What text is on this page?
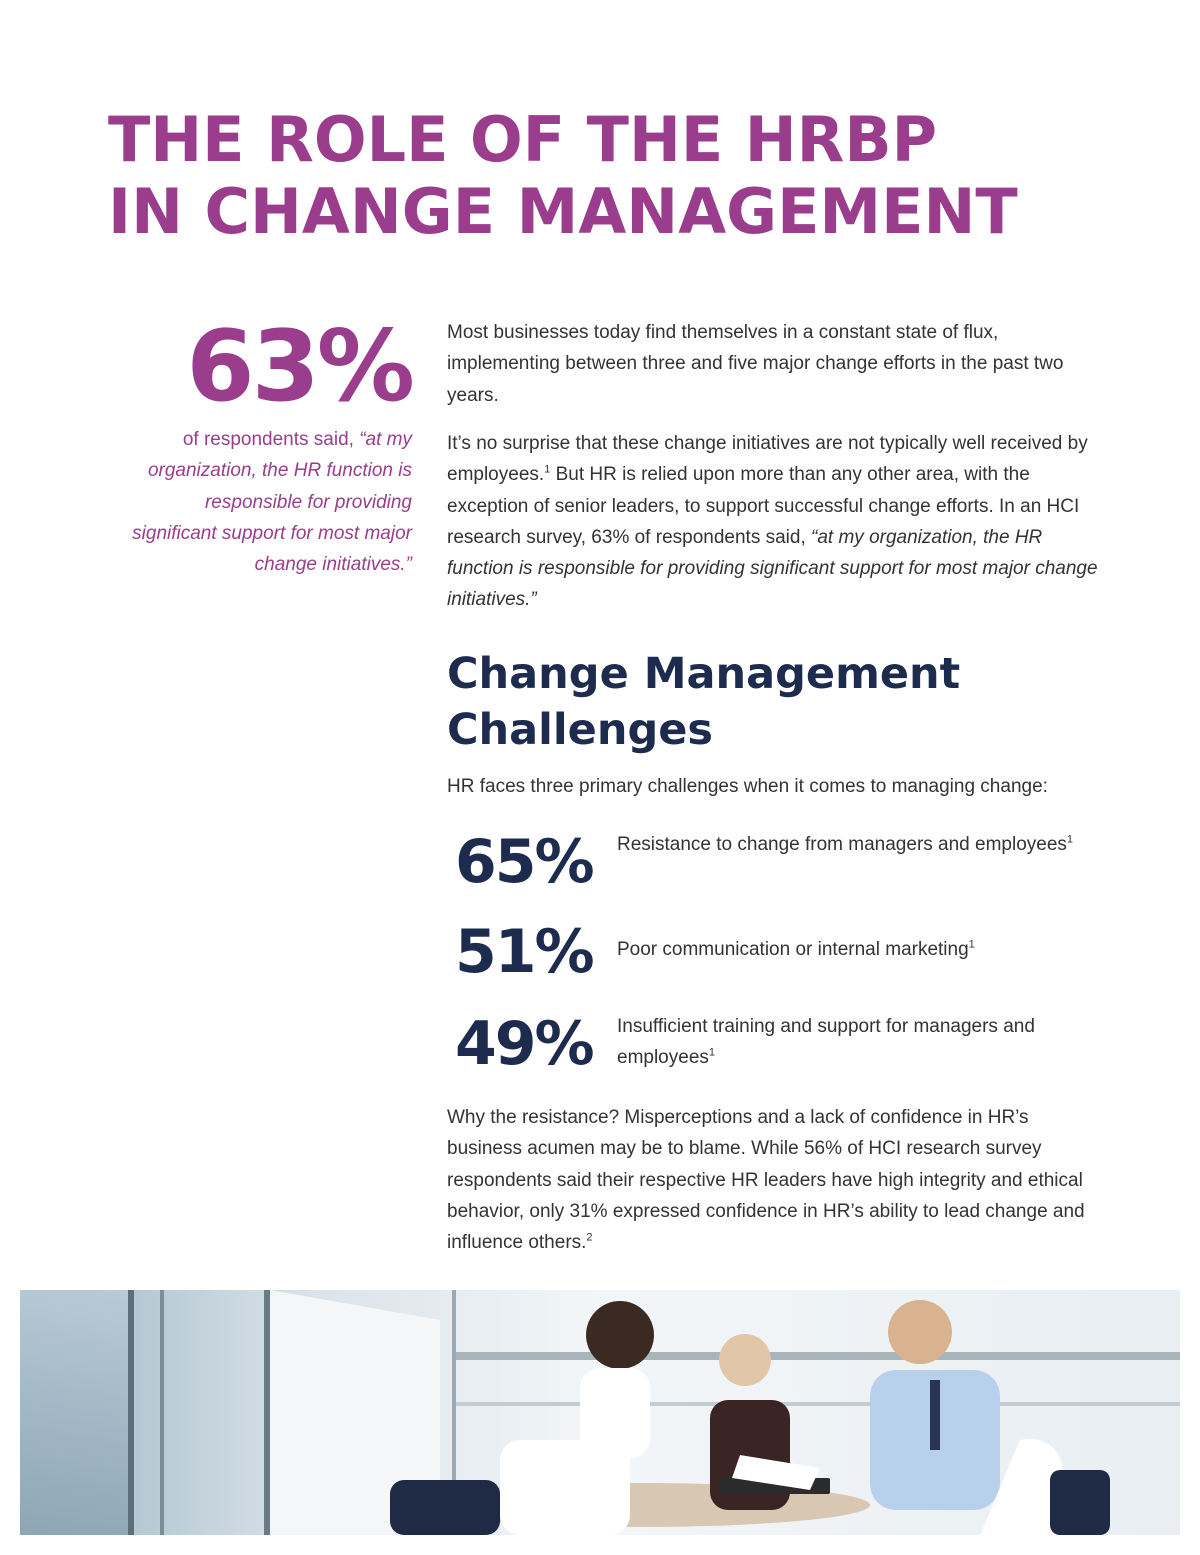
THE ROLE OF THE HRBP
IN CHANGE MANAGEMENT
63%
of respondents said, “at my organization, the HR function is responsible for providing significant support for most major change initiatives.”

Most businesses today find themselves in a constant state of flux, implementing between three and five major change efforts in the past two years.

It’s no surprise that these change initiatives are not typically well received by employees.$^1$ But HR is relied upon more than any other area, with the exception of senior leaders, to support successful change efforts. In an HCI research survey, 63% of respondents said, “at my organization, the HR function is responsible for providing significant support for most major change initiatives.”

Change Management
Challenges

HR faces three primary challenges when it comes to managing change:

65% Resistance to change from managers and employees$^1$
51% Poor communication or internal marketing$^1$
49% Insufficient training and support for managers and employees$^1$

Why the resistance? Misperceptions and a lack of confidence in HR’s business acumen may be to blame. While 56% of HCI research survey respondents said their respective HR leaders have high integrity and ethical behavior, only 31% expressed confidence in HR’s ability to lead change and influence others.$^2$
